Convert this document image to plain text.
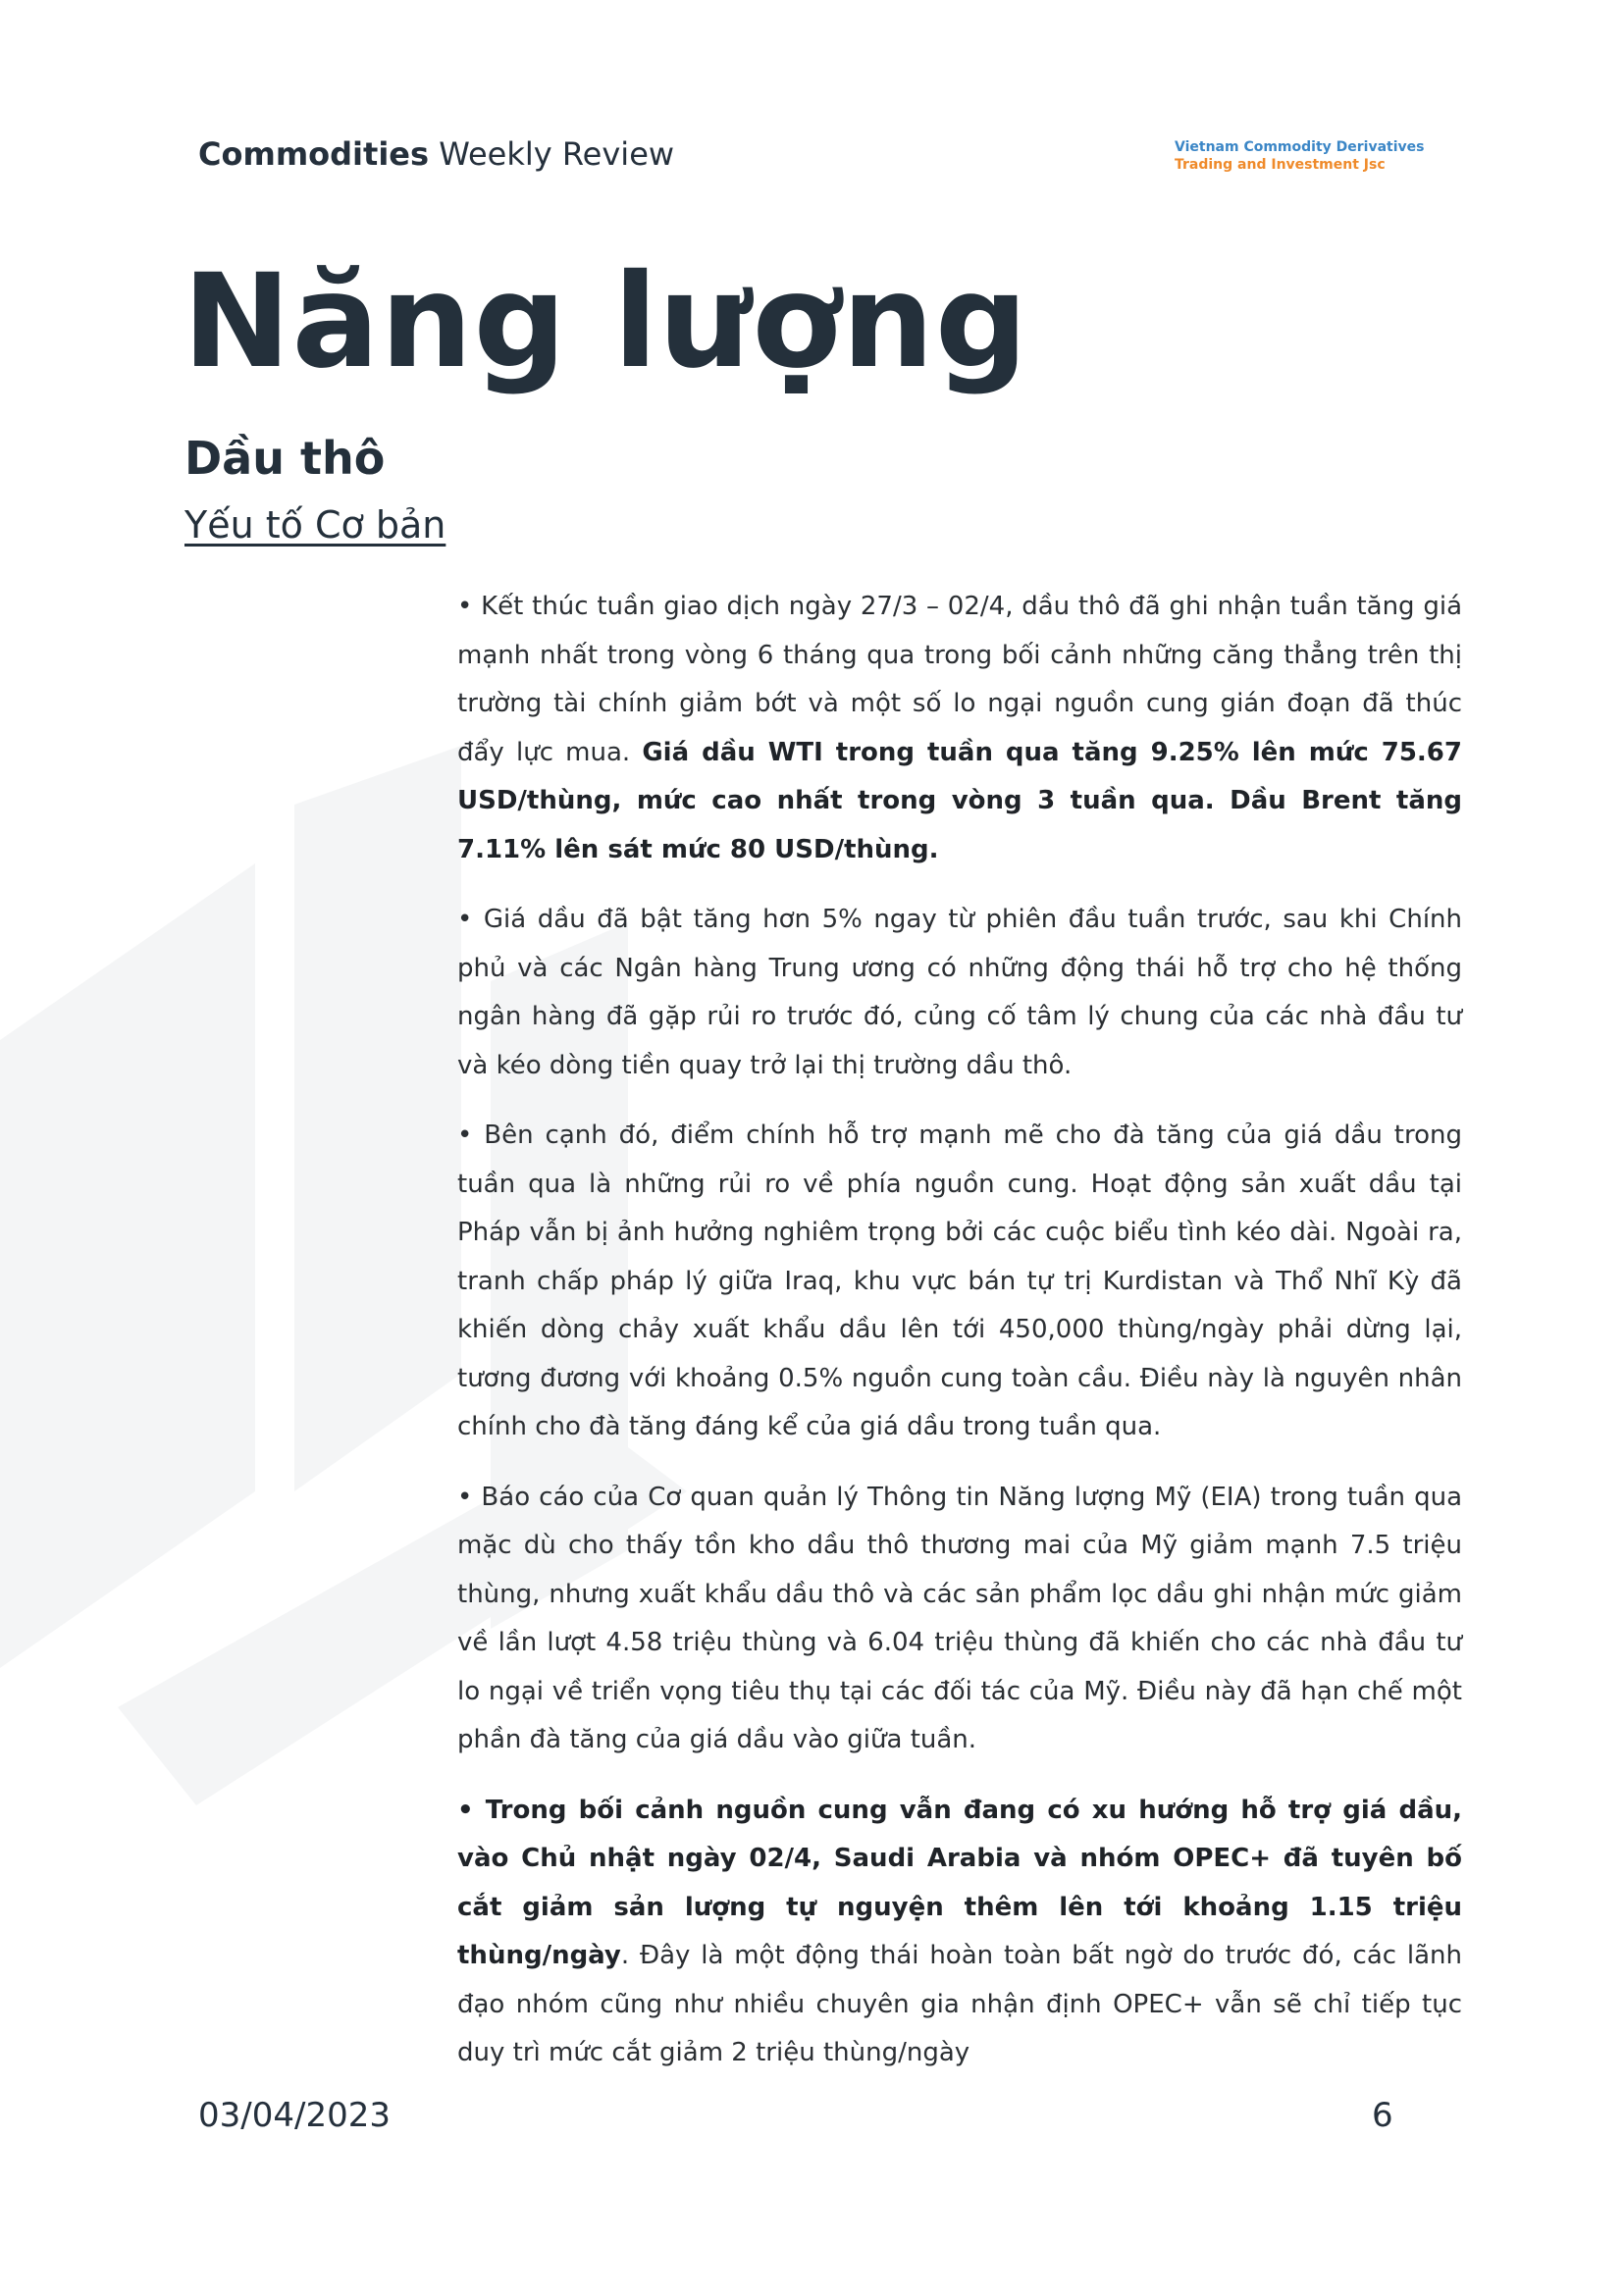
Commodities Weekly Review	Vietnam Commodity Derivatives
Trading and Investment Jsc
Năng lượng
Dầu thô
Yếu tố Cơ bản

• Kết thúc tuần giao dịch ngày 27/3 – 02/4, dầu thô đã ghi nhận tuần tăng giá mạnh nhất trong vòng 6 tháng qua trong bối cảnh những căng thẳng trên thị trường tài chính giảm bớt và một số lo ngại nguồn cung gián đoạn đã thúc đẩy lực mua. Giá dầu WTI trong tuần qua tăng 9.25% lên mức 75.67 USD/thùng, mức cao nhất trong vòng 3 tuần qua. Dầu Brent tăng 7.11% lên sát mức 80 USD/thùng.

• Giá dầu đã bật tăng hơn 5% ngay từ phiên đầu tuần trước, sau khi Chính phủ và các Ngân hàng Trung ương có những động thái hỗ trợ cho hệ thống ngân hàng đã gặp rủi ro trước đó, củng cố tâm lý chung của các nhà đầu tư và kéo dòng tiền quay trở lại thị trường dầu thô.

• Bên cạnh đó, điểm chính hỗ trợ mạnh mẽ cho đà tăng của giá dầu trong tuần qua là những rủi ro về phía nguồn cung. Hoạt động sản xuất dầu tại Pháp vẫn bị ảnh hưởng nghiêm trọng bởi các cuộc biểu tình kéo dài. Ngoài ra, tranh chấp pháp lý giữa Iraq, khu vực bán tự trị Kurdistan và Thổ Nhĩ Kỳ đã khiến dòng chảy xuất khẩu dầu lên tới 450,000 thùng/ngày phải dừng lại, tương đương với khoảng 0.5% nguồn cung toàn cầu. Điều này là nguyên nhân chính cho đà tăng đáng kể của giá dầu trong tuần qua.

• Báo cáo của Cơ quan quản lý Thông tin Năng lượng Mỹ (EIA) trong tuần qua mặc dù cho thấy tồn kho dầu thô thương mai của Mỹ giảm mạnh 7.5 triệu thùng, nhưng xuất khẩu dầu thô và các sản phẩm lọc dầu ghi nhận mức giảm về lần lượt 4.58 triệu thùng và 6.04 triệu thùng đã khiến cho các nhà đầu tư lo ngại về triển vọng tiêu thụ tại các đối tác của Mỹ. Điều này đã hạn chế một phần đà tăng của giá dầu vào giữa tuần.

• Trong bối cảnh nguồn cung vẫn đang có xu hướng hỗ trợ giá dầu, vào Chủ nhật ngày 02/4, Saudi Arabia và nhóm OPEC+ đã tuyên bố cắt giảm sản lượng tự nguyện thêm lên tới khoảng 1.15 triệu thùng/ngày. Đây là một động thái hoàn toàn bất ngờ do trước đó, các lãnh đạo nhóm cũng như nhiều chuyên gia nhận định OPEC+ vẫn sẽ chỉ tiếp tục duy trì mức cắt giảm 2 triệu thùng/ngày

03/04/2023	6
